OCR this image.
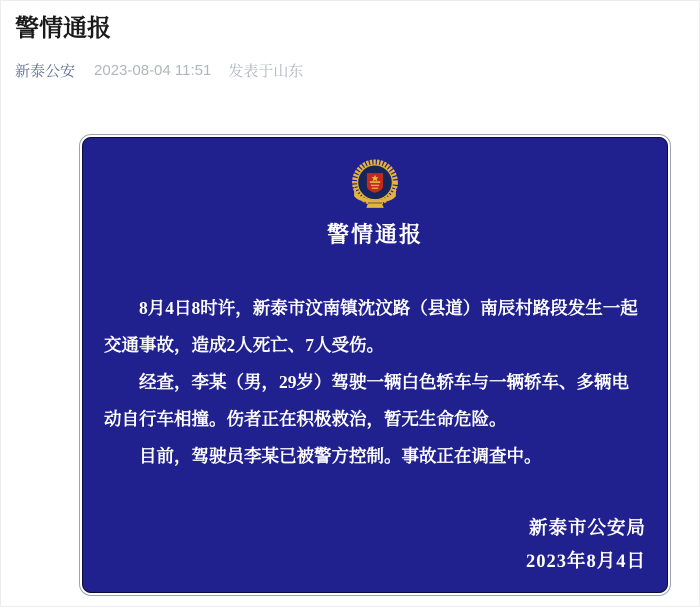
警情通报
新泰公安 2023-08-04 11:51 发表于山东
警情通报

8月4日8时许，新泰市汶南镇沈汶路（县道）南辰村路段发生一起交通事故，造成2人死亡、7人受伤。

经查，李某（男，29岁）驾驶一辆白色轿车与一辆轿车、多辆电动自行车相撞。伤者正在积极救治，暂无生命危险。

目前，驾驶员李某已被警方控制。事故正在调查中。

新泰市公安局
2023年8月4日
